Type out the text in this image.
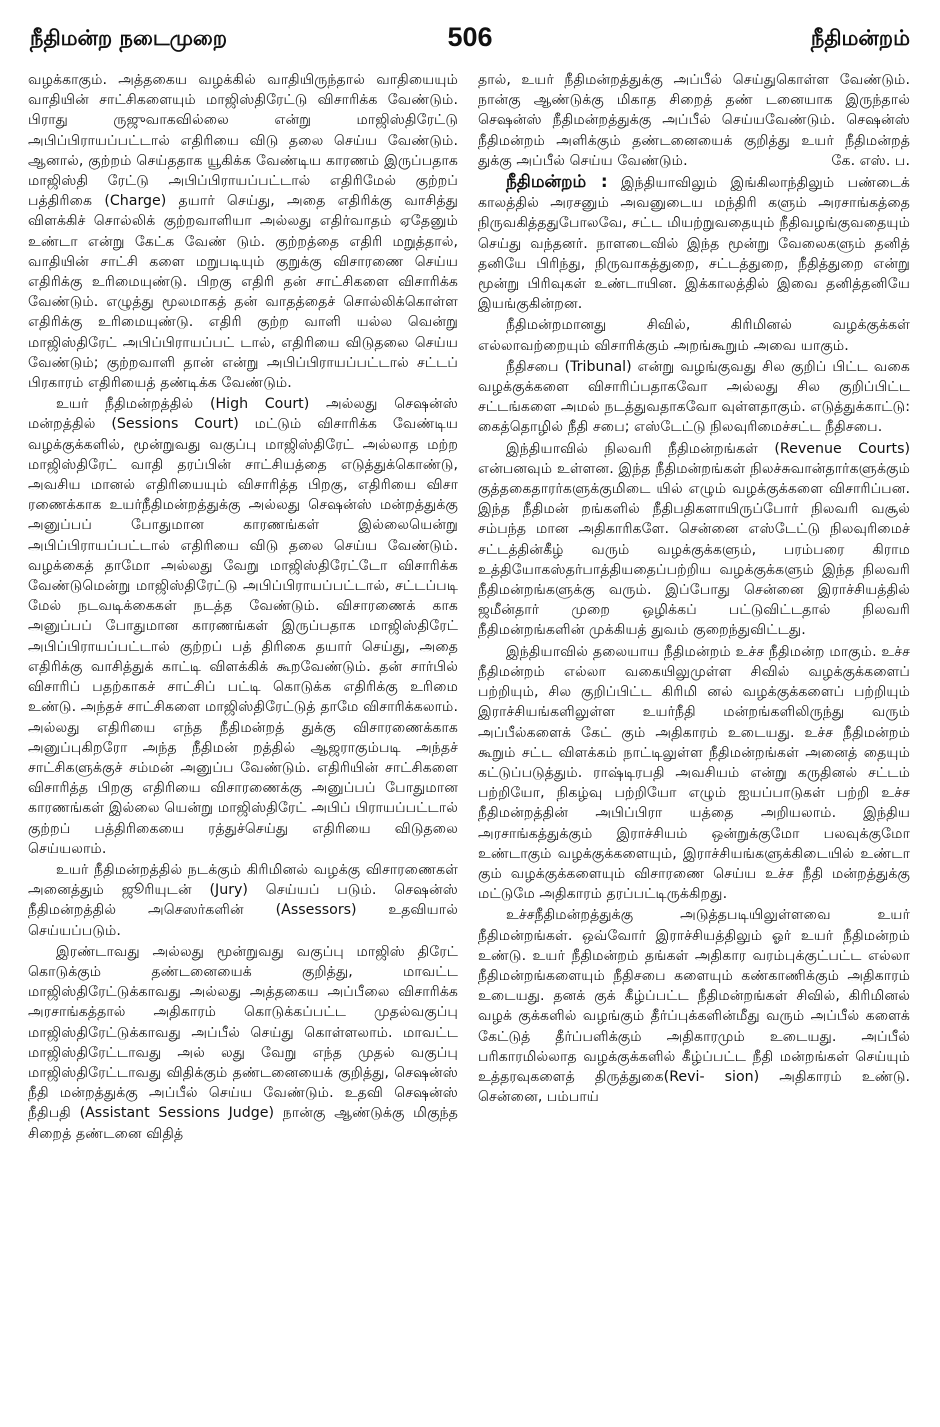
நீதிமன்ற நடைமுறை	506	நீதிமன்றம்

வழக்காகும். அத்தகைய வழக்கில் வாதியிருந்தால் வாதியையும் வாதியின் சாட்சிகளையும் மாஜிஸ்திரேட்டு விசாரிக்க வேண்டும். பிராது ருஜுவாகவில்லை என்று மாஜிஸ்திரேட்டு அபிப்பிராயப்பட்டால் எதிரியை விடு தலை செய்ய வேண்டும். ஆனால், குற்றம் செய்ததாக யூகிக்க வேண்டிய காரணம் இருப்பதாக மாஜிஸ்தி ரேட்டு அபிப்பிராயப்பட்டால் எதிரிமேல் குற்றப் பத்திரிகை (Charge) தயார் செய்து, அதை எதிரிக்கு வாசித்து விளக்கிச் சொல்லிக் குற்றவாளியா அல்லது எதிர்வாதம் ஏதேனும் உண்டா என்று கேட்க வேண் டும். குற்றத்தை எதிரி மறுத்தால், வாதியின் சாட்சி களை மறுபடியும் குறுக்கு விசாரணை செய்ய எதிரிக்கு உரிமையுண்டு. பிறகு எதிரி தன் சாட்சிகளை விசாரிக்க வேண்டும். எழுத்து மூலமாகத் தன் வாதத்தைச் சொல்லிக்கொள்ள எதிரிக்கு உரிமையுண்டு. எதிரி குற்ற வாளி யல்ல வென்று மாஜிஸ்திரேட் அபிப்பிராயப்பட் டால், எதிரியை விடுதலை செய்ய வேண்டும்; குற்றவாளி தான் என்று அபிப்பிராயப்பட்டால் சட்டப் பிரகாரம் எதிரியைத் தண்டிக்க வேண்டும்.

உயர் நீதிமன்றத்தில் (High Court) அல்லது செஷன்ஸ் மன்றத்தில் (Sessions Court) மட்டும் விசாரிக்க வேண்டிய வழக்குக்களில், மூன்றுவது வகுப்பு மாஜிஸ்திரேட் அல்லாத மற்ற மாஜிஸ்திரேட் வாதி தரப்பின் சாட்சியத்தை எடுத்துக்கொண்டு, அவசிய மானல் எதிரியையும் விசாரித்த பிறகு, எதிரியை விசா ரணைக்காக உயர்நீதிமன்றத்துக்கு அல்லது செஷன்ஸ் மன்றத்துக்கு அனுப்பப் போதுமான காரணங்கள் இல்லையென்று அபிப்பிராயப்பட்டால் எதிரியை விடு தலை செய்ய வேண்டும். வழக்கைத் தாமோ அல்லது வேறு மாஜிஸ்திரேட்டோ விசாரிக்க வேண்டுமென்று மாஜிஸ்திரேட்டு அபிப்பிராயப்பட்டால், சட்டப்படி மேல் நடவடிக்கைகள் நடத்த வேண்டும். விசாரணைக் காக அனுப்பப் போதுமான காரணங்கள் இருப்பதாக மாஜிஸ்திரேட் அபிப்பிராயப்பட்டால் குற்றப் பத் திரிகை தயார் செய்து, அதை எதிரிக்கு வாசித்துக் காட்டி விளக்கிக் கூறவேண்டும். தன் சார்பில் விசாரிப் பதற்காகச் சாட்சிப் பட்டி கொடுக்க எதிரிக்கு உரிமை உண்டு. அந்தச் சாட்சிகளை மாஜிஸ்திரேட்டுத் தாமே விசாரிக்கலாம். அல்லது எதிரியை எந்த நீதிமன்றத் துக்கு விசாரணைக்காக அனுப்புகிறரோ அந்த நீதிமன் றத்தில் ஆஜராகும்படி அந்தச் சாட்சிகளுக்குச் சம்மன் அனுப்ப வேண்டும். எதிரியின் சாட்சிகளை விசாரித்த பிறகு எதிரியை விசாரணைக்கு அனுப்பப் போதுமான காரணங்கள் இல்லை யென்று மாஜிஸ்திரேட் அபிப் பிராயப்பட்டால் குற்றப் பத்திரிகையை ரத்துச்செய்து எதிரியை விடுதலை செய்யலாம்.

உயர் நீதிமன்றத்தில் நடக்கும் கிரிமினல் வழக்கு விசாரணைகள் அனைத்தும் ஜூரியுடன் (Jury) செய்யப் படும். செஷன்ஸ் நீதிமன்றத்தில் அசெஸர்களின் (Assessors) உதவியால் செய்யப்படும்.

இரண்டாவது அல்லது மூன்றுவது வகுப்பு மாஜிஸ் திரேட் கொடுக்கும் தண்டனையைக் குறித்து, மாவட்ட மாஜிஸ்திரேட்டுக்காவது அல்லது அத்தகைய அப்பீலை விசாரிக்க அரசாங்கத்தால் அதிகாரம் கொடுக்கப்பட்ட முதல்வகுப்பு மாஜிஸ்திரேட்டுக்காவது அப்பீல் செய்து கொள்ளலாம். மாவட்ட மாஜிஸ்திரேட்டாவது அல் லது வேறு எந்த முதல் வகுப்பு மாஜிஸ்திரேட்டாவது விதிக்கும் தண்டனையைக் குறித்து, செஷன்ஸ் நீதி மன்றத்துக்கு அப்பீல் செய்ய வேண்டும். உதவி செஷன்ஸ் நீதிபதி (Assistant Sessions Judge) நான்கு ஆண்டுக்கு மிகுந்த சிறைத் தண்டனை விதித்

தால், உயர் நீதிமன்றத்துக்கு அப்பீல் செய்துகொள்ள வேண்டும். நான்கு ஆண்டுக்கு மிகாத சிறைத் தண் டனையாக இருந்தால் செஷன்ஸ் நீதிமன்றத்துக்கு அப்பீல் செய்யவேண்டும். செஷன்ஸ் நீதிமன்றம் அளிக்கும் தண்டனையைக் குறித்து உயர் நீதிமன்றத் துக்கு அப்பீல் செய்ய வேண்டும்.	கே. எஸ். ப.

நீதிமன்றம் : இந்தியாவிலும் இங்கிலாந்திலும் பண்டைக் காலத்தில் அரசனும் அவனுடைய மந்திரி களும் அரசாங்கத்தை நிருவகித்ததுபோலவே, சட்ட மியற்றுவதையும் நீதிவழங்குவதையும் செய்து வந்தனர். நாளடைவில் இந்த மூன்று வேலைகளும் தனித் தனியே பிரிந்து, நிருவாகத்துறை, சட்டத்துறை, நீதித்துறை என்று மூன்று பிரிவுகள் உண்டாயின. இக்காலத்தில் இவை தனித்தனியே இயங்குகின்றன.

நீதிமன்றமானது சிவில், கிரிமினல் வழக்குக்கள் எல்லாவற்றையும் விசாரிக்கும் அறங்கூறும் அவை யாகும்.

நீதிசபை (Tribunal) என்று வழங்குவது சில குறிப் பிட்ட வகை வழக்குக்களை விசாரிப்பதாகவோ அல்லது சில குறிப்பிட்ட சட்டங்களை அமல் நடத்துவதாகவோ வுள்ளதாகும். எடுத்துக்காட்டு: கைத்தொழில் நீதி சபை; எஸ்டேட்டு நிலவுரிமைச்சட்ட நீதிசபை.

இந்தியாவில் நிலவரி நீதிமன்றங்கள் (Revenue Courts) என்பனவும் உள்ளன. இந்த நீதிமன்றங்கள் நிலச்சுவான்தார்களுக்கும் குத்தகைதாரர்களுக்குமிடை யில் எழும் வழக்குக்களை விசாரிப்பன. இந்த நீதிமன் றங்களில் நீதிபதிகளாயிருப்போர் நிலவரி வசூல் சம்பந்த மான அதிகாரிகளே. சென்னை எஸ்டேட்டு நிலவுரிமைச் சட்டத்தின்கீழ் வரும் வழக்குக்களும், பரம்பரை கிராம உத்தியோகஸ்தர்பாத்தியதைப்பற்றிய வழக்குக்களும் இந்த நிலவரி நீதிமன்றங்களுக்கு வரும். இப்போது சென்னை இராச்சியத்தில் ஜமீன்தார் முறை ஒழிக்கப் பட்டுவிட்டதால் நிலவரி நீதிமன்றங்களின் முக்கியத் துவம் குறைந்துவிட்டது.

இந்தியாவில் தலையாய நீதிமன்றம் உச்ச நீதிமன்ற மாகும். உச்ச நீதிமன்றம் எல்லா வகையிலுமுள்ள சிவில் வழக்குக்களைப் பற்றியும், சில குறிப்பிட்ட கிரிமி னல் வழக்குக்களைப் பற்றியும் இராச்சியங்களிலுள்ள உயர்நீதி மன்றங்களிலிருந்து வரும் அப்பீல்களைக் கேட் கும் அதிகாரம் உடையது. உச்ச நீதிமன்றம் கூறும் சட்ட விளக்கம் நாட்டிலுள்ள நீதிமன்றங்கள் அனைத் தையும் கட்டுப்படுத்தும். ராஷ்டிரபதி அவசியம் என்று கருதினல் சட்டம் பற்றியோ, நிகழ்வு பற்றியோ எழும் ஐயப்பாடுகள் பற்றி உச்ச நீதிமன்றத்தின் அபிப்பிரா யத்தை அறியலாம். இந்திய அரசாங்கத்துக்கும் இராச்சியம் ஒன்றுக்குமோ பலவுக்குமோ உண்டாகும் வழக்குக்களையும், இராச்சியங்களுக்கிடையில் உண்டா கும் வழக்குக்களையும் விசாரணை செய்ய உச்ச நீதி மன்றத்துக்கு மட்டுமே அதிகாரம் தரப்பட்டிருக்கிறது.

உச்சநீதிமன்றத்துக்கு அடுத்தபடியிலுள்ளவை உயர் நீதிமன்றங்கள். ஒவ்வோர் இராச்சியத்திலும் ஓர் உயர் நீதிமன்றம் உண்டு. உயர் நீதிமன்றம் தங்கள் அதிகார வரம்புக்குட்பட்ட எல்லா நீதிமன்றங்களையும் நீதிசபை களையும் கண்காணிக்கும் அதிகாரம் உடையது. தனக் குக் கீழ்ப்பட்ட நீதிமன்றங்கள் சிவில், கிரிமினல் வழக் குக்களில் வழங்கும் தீர்ப்புக்களின்மீது வரும் அப்பீல் களைக் கேட்டுத் தீர்ப்பளிக்கும் அதிகாரமும் உடையது. அப்பீல் பரிகாரமில்லாத வழக்குக்களில் கீழ்ப்பட்ட நீதி மன்றங்கள் செய்யும் உத்தரவுகளைத் திருத்துகை(Revi- sion) அதிகாரம் உண்டு. சென்னை, பம்பாய்
